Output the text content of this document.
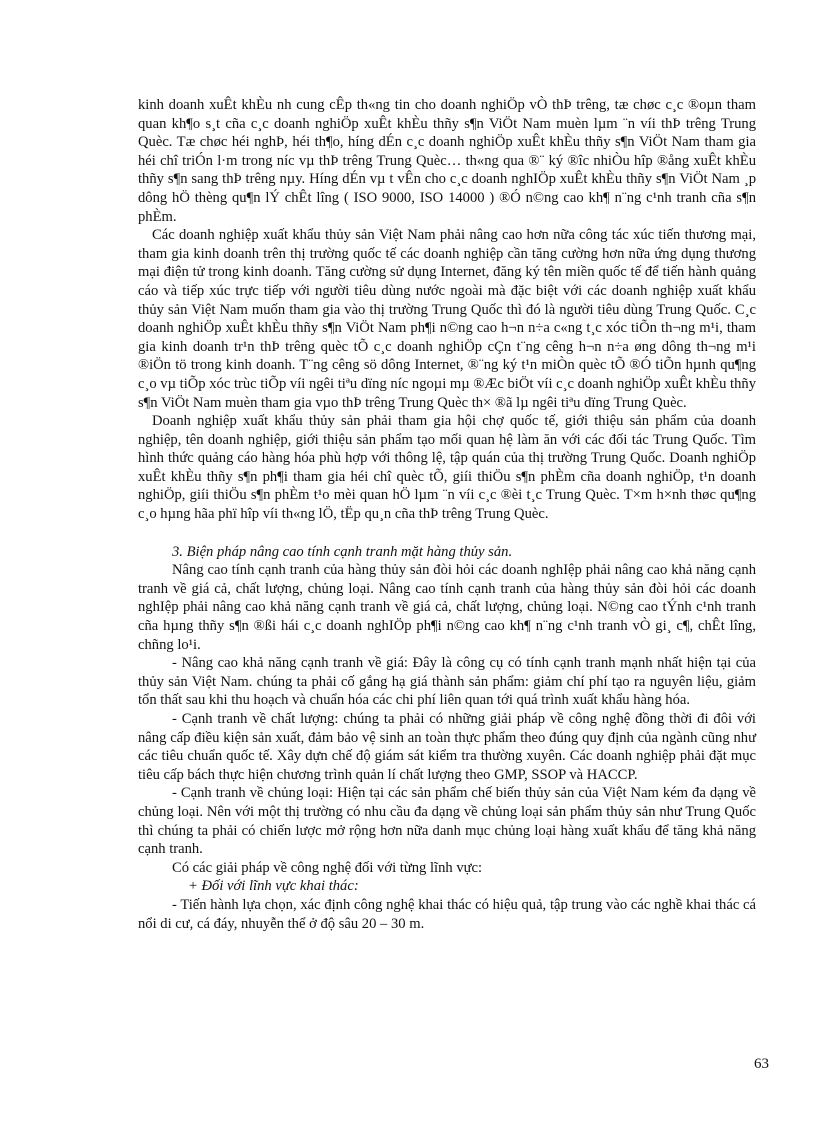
kinh doanh xuÊt khÈu nh cung cÊp th«ng tin cho doanh nghiÖp vÒ thÞ trêng, tæ chøc c¸c ®oµn tham quan kh¶o s¸t cña c¸c doanh nghiÖp xuÊt khÈu thñy s¶n ViÖt Nam muèn lµm ¨n víi thÞ trêng Trung Quèc. Tæ chøc héi nghÞ, héi th¶o, híng dÉn c¸c doanh nghiÖp xuÊt khÈu thñy s¶n ViÖt Nam tham gia héi chî triÓn l·m trong níc vµ thÞ trêng Trung Quèc… th«ng qua ®¨ ký ®îc nhiÒu hîp ®ång xuÊt khÈu thñy s¶n sang thÞ trêng nµy. Híng dÉn vµ t vÊn cho c¸c doanh nghIÖp xuÊt khÈu thñy s¶n ViÖt Nam ¸p dông hÖ thèng qu¶n lÝ chÊt lîng ( ISO 9000, ISO 14000 ) ®Ó n©ng cao kh¶ n¨ng c¹nh tranh cña s¶n phÈm.

Các doanh nghiệp xuất khẩu thủy sản Việt Nam phải nâng cao hơn nữa công tác xúc tiến thương mại, tham gia kinh doanh trên thị trường quốc tế các doanh nghiệp cần tăng cường hơn nữa ứng dụng thương mại điện tử trong kinh doanh. Tăng cường sử dụng Internet, đăng ký tên miền quốc tế để tiến hành quảng cáo và tiếp xúc trực tiếp với người tiêu dùng nước ngoài mà đặc biệt với các doanh nghiệp xuất khẩu thủy sản Việt Nam muốn tham gia vào thị trường Trung Quốc thì đó là người tiêu dùng Trung Quốc. C¸c doanh nghiÖp xuÊt khÈu thñy s¶n ViÖt Nam ph¶i n©ng cao h¬n n÷a c«ng t¸c xóc tiÕn th¬ng m¹i, tham gia kinh doanh tr¹n thÞ trêng quèc tÕ c¸c doanh nghiÖp cÇn t¨ng cêng h¬n n÷a øng dông th¬ng m¹i ®iÖn tö trong kinh doanh. T¨ng cêng sö dông Internet, ®¨ng ký t¹n miÒn quèc tÕ ®Ó tiÕn hµnh qu¶ng c¸o vµ tiÕp xóc trùc tiÕp víi ngêi tiªu dïng níc ngoµi mµ ®Æc biÖt víi c¸c doanh nghiÖp xuÊt khÈu thñy s¶n ViÖt Nam muèn tham gia vµo thÞ trêng Trung Quèc th× ®ã lµ ngêi tiªu dïng Trung Quèc.

Doanh nghiệp xuất khẩu thủy sản phải tham gia hội chợ quốc tế, giới thiệu sản phẩm của doanh nghiệp, tên doanh nghiệp, giới thiệu sản phẩm tạo mối quan hệ làm ăn với các đối tác Trung Quốc. Tìm hình thức quảng cáo hàng hóa phù hợp với thông lệ, tập quán của thị trường Trung Quốc. Doanh nghiÖp xuÊt khÈu thñy s¶n ph¶i tham gia héi chî quèc tÕ, giíi thiÖu s¶n phÈm cña doanh nghiÖp, t¹n doanh nghiÖp, giíi thiÖu s¶n phÈm t¹o mèi quan hÖ lµm ¨n víi c¸c ®èi t¸c Trung Quèc. T×m h×nh thøc qu¶ng c¸o hµng hãa phï hîp víi th«ng lÖ, tËp qu¸n cña thÞ trêng Trung Quèc.

3. Biện pháp nâng cao tính cạnh tranh mặt hàng thủy sản.

Nâng cao tính cạnh tranh của hàng thủy sản đòi hỏi các doanh nghIệp phải nâng cao khả năng cạnh tranh về giá cả, chất lượng, chủng loại. Nâng cao tính cạnh tranh của hàng thủy sản đòi hỏi các doanh nghIệp phải nâng cao khả năng cạnh tranh về giá cả, chất lượng, chủng loại. N©ng cao tÝnh c¹nh tranh cña hµng thñy s¶n ®ßi hái c¸c doanh nghIÖp ph¶i n©ng cao kh¶ n¨ng c¹nh tranh vÒ gi¸ c¶, chÊt lîng, chñng lo¹i.

- Nâng cao khả năng cạnh tranh về giá: Đây là công cụ có tính cạnh tranh mạnh nhất hiện tại của thủy sản Việt Nam. chúng ta phải cố gắng hạ giá thành sản phẩm: giảm chí phí tạo ra nguyên liệu, giảm tổn thất sau khi thu hoạch và chuẩn hóa các chi phí liên quan tới quá trình xuất khẩu hàng hóa.

- Cạnh tranh về chất lượng: chúng ta phải có những giải pháp về công nghệ đồng thời đi đôi với nâng cấp điều kiện sản xuất, đảm bảo vệ sinh an toàn thực phẩm theo đúng quy định của ngành cũng như các tiêu chuẩn quốc tế. Xây dựn chế độ giám sát kiểm tra thường xuyên. Các doanh nghiệp phải đặt mục tiêu cấp bách thực hiện chương trình quản lí chất lượng theo GMP, SSOP và HACCP.

- Cạnh tranh về chủng loại: Hiện tại các sản phẩm chế biến thủy sản của Việt Nam kém đa dạng về chủng loại. Nên với một thị trường có nhu cầu đa dạng về chủng loại sản phẩm thủy sản như Trung Quốc thì chúng ta phải có chiến lược mở rộng hơn nữa danh mục chủng loại hàng xuất khẩu để tăng khả năng cạnh tranh.

Có các giải pháp về công nghệ đối với từng lĩnh vực:

+ Đối với lĩnh vực khai thác:

- Tiến hành lựa chọn, xác định công nghệ khai thác có hiệu quả, tập trung vào các nghề khai thác cá nổi di cư, cá đáy, nhuyễn thể ở độ sâu 20 – 30 m.

63
